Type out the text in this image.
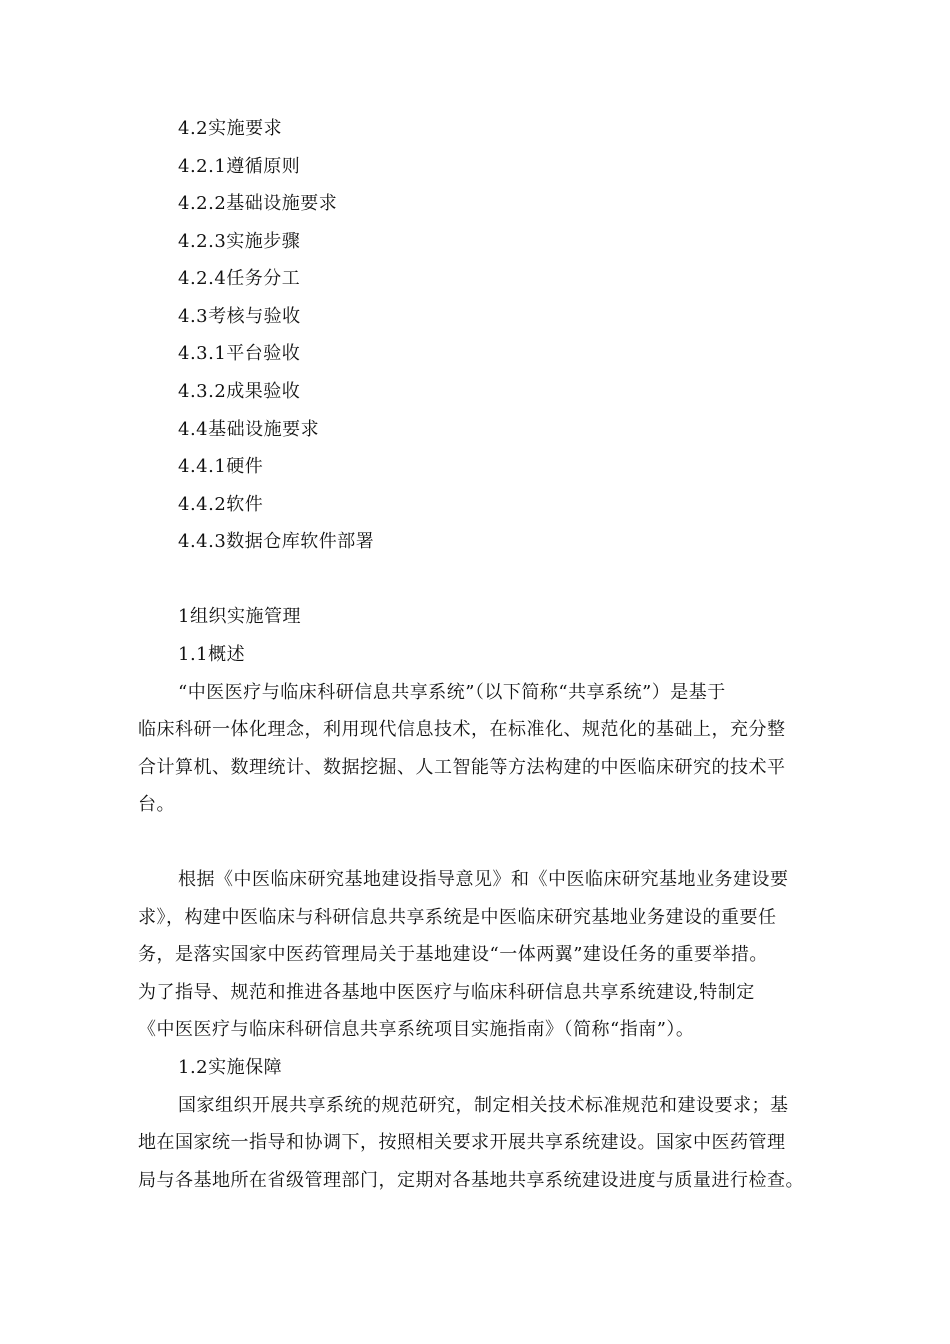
4.2实施要求
4.2.1遵循原则
4.2.2基础设施要求
4.2.3实施步骤
4.2.4任务分工
4.3考核与验收
4.3.1平台验收
4.3.2成果验收
4.4基础设施要求
4.4.1硬件
4.4.2软件
4.4.3数据仓库软件部署
1组织实施管理
1.1概述
“中医医疗与临床科研信息共享系统”（以下简称“共享系统”）是基于
临床科研一体化理念，利用现代信息技术，在标准化、规范化的基础上，充分整
合计算机、数理统计、数据挖掘、人工智能等方法构建的中医临床研究的技术平
台。
根据《中医临床研究基地建设指导意见》和《中医临床研究基地业务建设要
求》，构建中医临床与科研信息共享系统是中医临床研究基地业务建设的重要任
务，是落实国家中医药管理局关于基地建设“一体两翼”建设任务的重要举措。
为了指导、规范和推进各基地中医医疗与临床科研信息共享系统建设,特制定
《中医医疗与临床科研信息共享系统项目实施指南》（简称“指南”）。
1.2实施保障
国家组织开展共享系统的规范研究，制定相关技术标准规范和建设要求；基
地在国家统一指导和协调下，按照相关要求开展共享系统建设。国家中医药管理
局与各基地所在省级管理部门，定期对各基地共享系统建设进度与质量进行检查。
